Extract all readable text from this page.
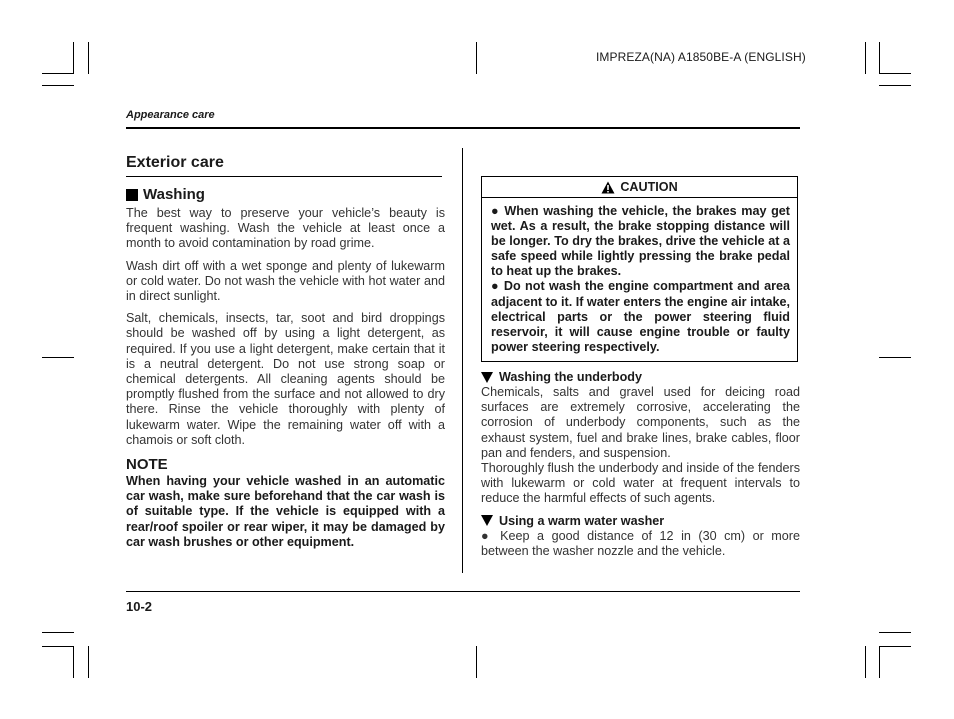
IMPREZA(NA) A1850BE-A (ENGLISH)
Appearance care
Exterior care
Washing

The best way to preserve your vehicle’s beauty is frequent washing. Wash the vehicle at least once a month to avoid contamination by road grime.

Wash dirt off with a wet sponge and plenty of lukewarm or cold water. Do not wash the vehicle with hot water and in direct sunlight.

Salt, chemicals, insects, tar, soot and bird droppings should be washed off by using a light detergent, as required. If you use a light detergent, make certain that it is a neutral detergent. Do not use strong soap or chemical detergents. All cleaning agents should be promptly flushed from the surface and not allowed to dry there. Rinse the vehicle thoroughly with plenty of lukewarm water. Wipe the remaining water off with a chamois or soft cloth.

NOTE

When having your vehicle washed in an automatic car wash, make sure beforehand that the car wash is of suitable type. If the vehicle is equipped with a rear/roof spoiler or rear wiper, it may be damaged by car wash brushes or other equipment.

CAUTION

● When washing the vehicle, the brakes may get wet. As a result, the brake stopping distance will be longer. To dry the brakes, drive the vehicle at a safe speed while lightly pressing the brake pedal to heat up the brakes.

● Do not wash the engine compartment and area adjacent to it. If water enters the engine air intake, electrical parts or the power steering fluid reservoir, it will cause engine trouble or faulty power steering respectively.

Washing the underbody

Chemicals, salts and gravel used for deicing road surfaces are extremely corrosive, accelerating the corrosion of underbody components, such as the exhaust system, fuel and brake lines, brake cables, floor pan and fenders, and suspension.

Thoroughly flush the underbody and inside of the fenders with lukewarm or cold water at frequent intervals to reduce the harmful effects of such agents.

Using a warm water washer

● Keep a good distance of 12 in (30 cm) or more between the washer nozzle and the vehicle.

10-2
